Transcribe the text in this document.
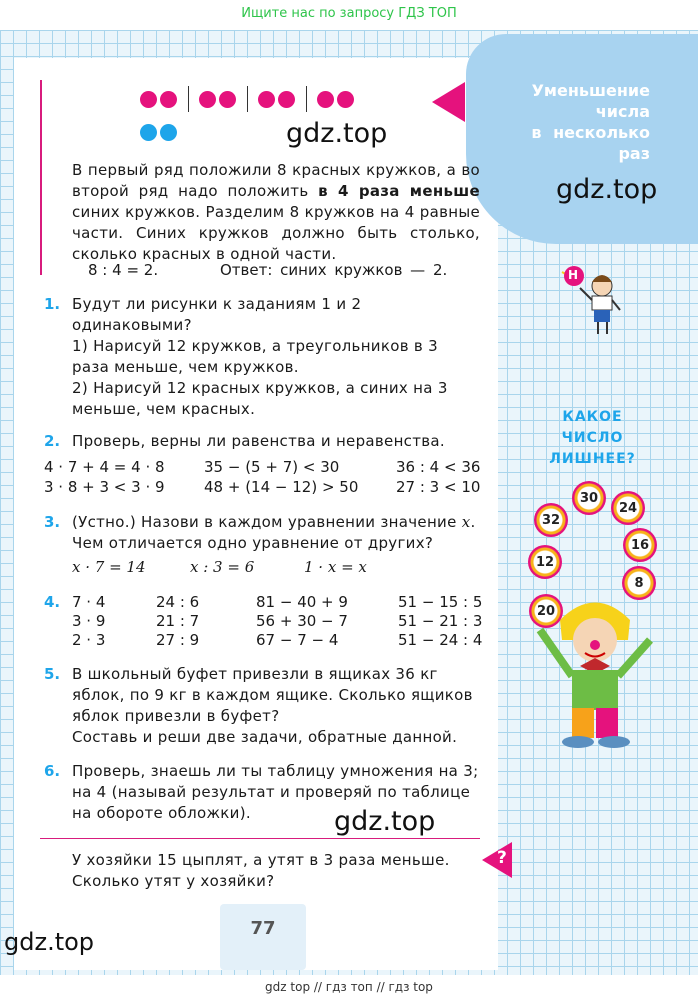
Ищите нас по запросу ГДЗ ТОП
Уменьшение
числа
в несколько
раз
gdz.top
gdz.top
В первый ряд положили 8 красных кружков, а во второй ряд надо положить в 4 раза меньше синих кружков. Разделим 8 кружков на 4 равные части. Синих кружков должно быть столько, сколько красных в одной части.
8 : 4 = 2.	Ответ: синих кружков — 2.
1. Будут ли рисунки к заданиям 1 и 2 одинаковыми?
1) Нарисуй 12 кружков, а треугольников в 3 раза меньше, чем кружков.
2) Нарисуй 12 красных кружков, а синих на 3 меньше, чем красных.
2. Проверь, верны ли равенства и неравенства.
4 · 7 + 4 = 4 · 8	35 − (5 + 7) < 30	36 : 4 < 36
3 · 8 + 3 < 3 · 9	48 + (14 − 12) > 50	27 : 3 < 10
3. (Устно.) Назови в каждом уравнении значение x. Чем отличается одно уравнение от других?
x · 7 = 14	x : 3 = 6	1 · x = x
4. 7 · 4	24 : 6	81 − 40 + 9	51 − 15 : 5
3 · 9	21 : 7	56 + 30 − 7	51 − 21 : 3
2 · 3	27 : 9	67 − 7 − 4	51 − 24 : 4
5. В школьный буфет привезли в ящиках 36 кг яблок, по 9 кг в каждом ящике. Сколько ящиков яблок привезли в буфет?
Составь и реши две задачи, обратные данной.
6. Проверь, знаешь ли ты таблицу умножения на 3; на 4 (называй результат и проверяй по таблице на обороте обложки).	gdz.top
?
У хозяйки 15 цыплят, а утят в 3 раза меньше. Сколько утят у хозяйки?
77
gdz.top
Н
КАКОЕ
ЧИСЛО
ЛИШНЕЕ?
30
24
32
16
12
8
20
gdz top // гдз топ // гдз top
